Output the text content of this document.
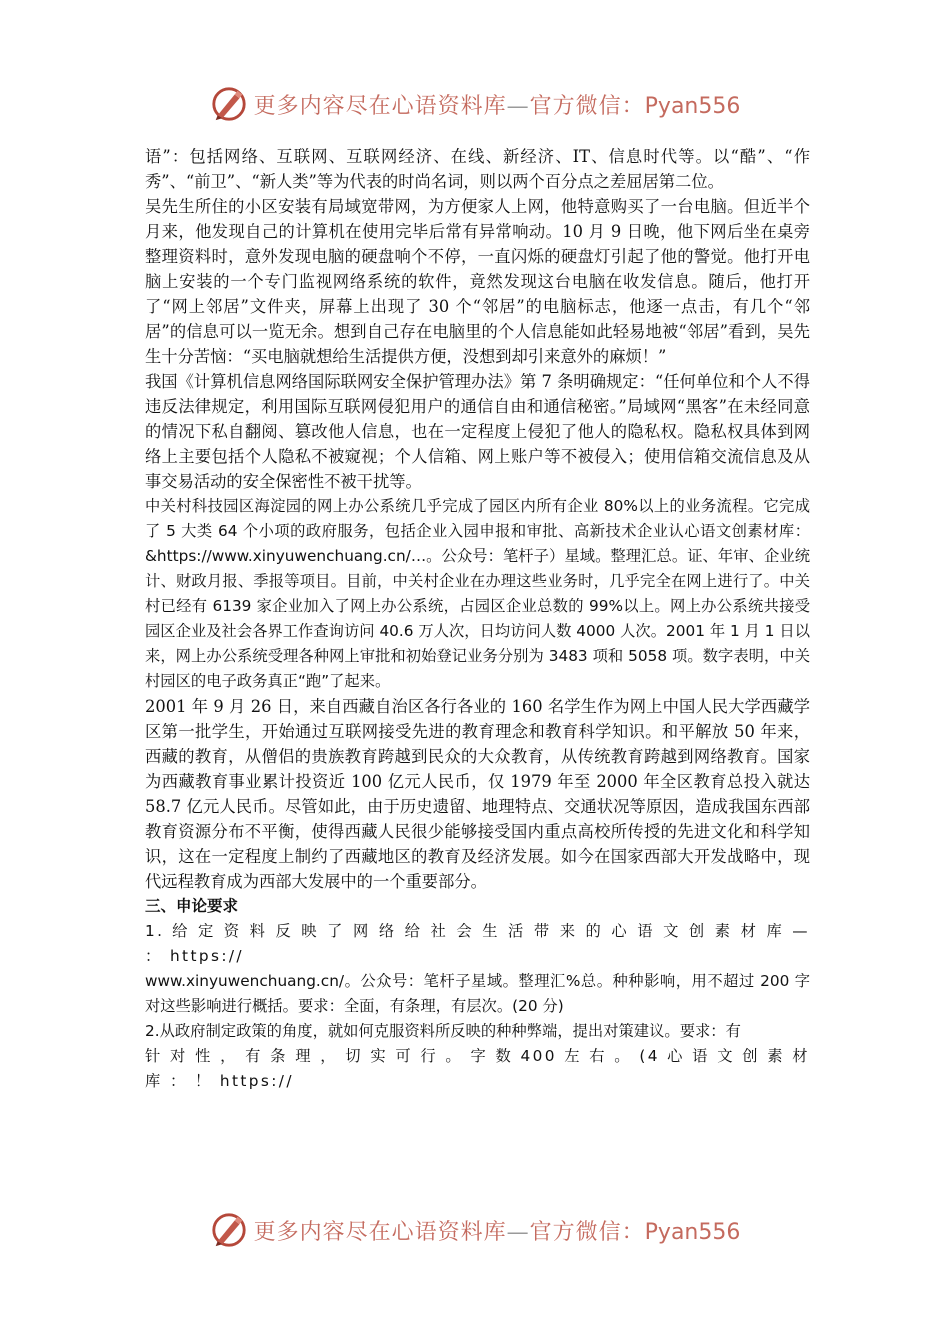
更多内容尽在心语资料库—官方微信：Pyan556

语”：包括网络、互联网、互联网经济、在线、新经济、IT、信息时代等。以“酷”、“作秀”、“前卫”、“新人类”等为代表的时尚名词，则以两个百分点之差屈居第二位。

吴先生所住的小区安装有局域宽带网，为方便家人上网，他特意购买了一台电脑。但近半个月来，他发现自己的计算机在使用完毕后常有异常响动。10 月 9 日晚，他下网后坐在桌旁整理资料时，意外发现电脑的硬盘响个不停，一直闪烁的硬盘灯引起了他的警觉。他打开电脑上安装的一个专门监视网络系统的软件，竟然发现这台电脑在收发信息。随后，他打开了“网上邻居”文件夹，屏幕上出现了 30 个“邻居”的电脑标志，他逐一点击，有几个“邻居”的信息可以一览无余。想到自己存在电脑里的个人信息能如此轻易地被“邻居”看到，吴先生十分苦恼：“买电脑就想给生活提供方便，没想到却引来意外的麻烦！”

我国《计算机信息网络国际联网安全保护管理办法》第 7 条明确规定：“任何单位和个人不得违反法律规定，利用国际互联网侵犯用户的通信自由和通信秘密。”局域网“黑客”在未经同意的情况下私自翻阅、篡改他人信息，也在一定程度上侵犯了他人的隐私权。隐私权具体到网络上主要包括个人隐私不被窥视；个人信箱、网上账户等不被侵入；使用信箱交流信息及从事交易活动的安全保密性不被干扰等。

中关村科技园区海淀园的网上办公系统几乎完成了园区内所有企业 80%以上的业务流程。它完成了 5 大类 64 个小项的政府服务，包括企业入园申报和审批、高新技术企业认心语文创素材库：&https://www.xinyuwenchuang.cn/…。公众号：笔杆子）星域。整理汇总。证、年审、企业统计、财政月报、季报等项目。目前，中关村企业在办理这些业务时，几乎完全在网上进行了。中关村已经有 6139 家企业加入了网上办公系统，占园区企业总数的 99%以上。网上办公系统共接受园区企业及社会各界工作查询访问 40.6 万人次，日均访问人数 4000 人次。2001 年 1 月 1 日以来，网上办公系统受理各种网上审批和初始登记业务分别为 3483 项和 5058 项。数字表明，中关村园区的电子政务真正“跑”了起来。

2001 年 9 月 26 日，来自西藏自治区各行各业的 160 名学生作为网上中国人民大学西藏学区第一批学生，开始通过互联网接受先进的教育理念和教育科学知识。和平解放 50 年来，西藏的教育，从僧侣的贵族教育跨越到民众的大众教育，从传统教育跨越到网络教育。国家为西藏教育事业累计投资近 100 亿元人民币，仅 1979 年至 2000 年全区教育总投入就达 58.7 亿元人民币。尽管如此，由于历史遗留、地理特点、交通状况等原因，造成我国东西部教育资源分布不平衡，使得西藏人民很少能够接受国内重点高校所传授的先进文化和科学知识，这在一定程度上制约了西藏地区的教育及经济发展。如今在国家西部大开发战略中，现代远程教育成为西部大发展中的一个重要部分。

三、申论要求

1. 给 定 资 料 反 映 了 网 络 给 社 会 生 活 带 来 的 心 语 文 创 素 材 库 — ： https://
www.xinyuwenchuang.cn/。公众号：笔杆子星域。整理汇%总。种种影响，用不超过 200 字对这些影响进行概括。要求：全面，有条理，有层次。(20 分)

2.从政府制定政策的角度，就如何克服资料所反映的种种弊端，提出对策建议。要求：有
针 对 性 ， 有 条 理 ， 切 实 可 行 。 字 数 400 左 右 。 (4 心 语 文 创 素 材 库 ： ！ https://

更多内容尽在心语资料库—官方微信：Pyan556
